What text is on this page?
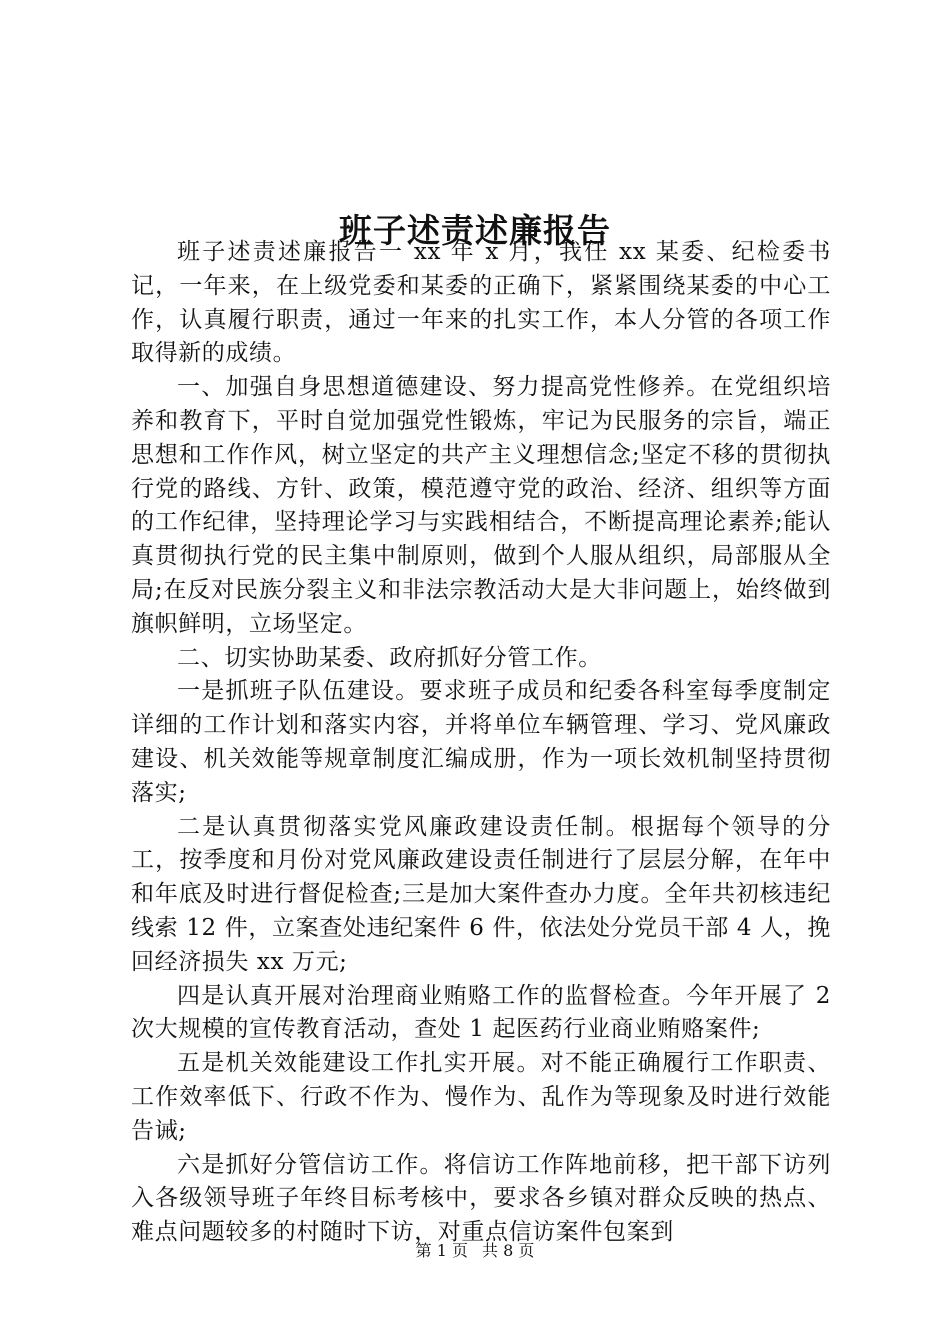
班子述责述廉报告

班子述责述廉报告一 xx 年 x 月，我任 xx 某委、纪检委书记，一年来，在上级党委和某委的正确下，紧紧围绕某委的中心工作，认真履行职责，通过一年来的扎实工作，本人分管的各项工作取得新的成绩。

一、加强自身思想道德建设、努力提高党性修养。在党组织培养和教育下，平时自觉加强党性锻炼，牢记为民服务的宗旨，端正思想和工作作风，树立坚定的共产主义理想信念;坚定不移的贯彻执行党的路线、方针、政策，模范遵守党的政治、经济、组织等方面的工作纪律，坚持理论学习与实践相结合，不断提高理论素养;能认真贯彻执行党的民主集中制原则，做到个人服从组织，局部服从全局;在反对民族分裂主义和非法宗教活动大是大非问题上，始终做到旗帜鲜明，立场坚定。

二、切实协助某委、政府抓好分管工作。

一是抓班子队伍建设。要求班子成员和纪委各科室每季度制定详细的工作计划和落实内容，并将单位车辆管理、学习、党风廉政建设、机关效能等规章制度汇编成册，作为一项长效机制坚持贯彻落实;

二是认真贯彻落实党风廉政建设责任制。根据每个领导的分工，按季度和月份对党风廉政建设责任制进行了层层分解，在年中和年底及时进行督促检查;三是加大案件查办力度。全年共初核违纪线索 12 件，立案查处违纪案件 6 件，依法处分党员干部 4 人，挽回经济损失 xx 万元;

四是认真开展对治理商业贿赂工作的监督检查。今年开展了 2 次大规模的宣传教育活动，查处 1 起医药行业商业贿赂案件;

五是机关效能建设工作扎实开展。对不能正确履行工作职责、工作效率低下、行政不作为、慢作为、乱作为等现象及时进行效能告诫;

六是抓好分管信访工作。将信访工作阵地前移，把干部下访列入各级领导班子年终目标考核中，要求各乡镇对群众反映的热点、难点问题较多的村随时下访，对重点信访案件包案到

第 1 页 共 8 页
